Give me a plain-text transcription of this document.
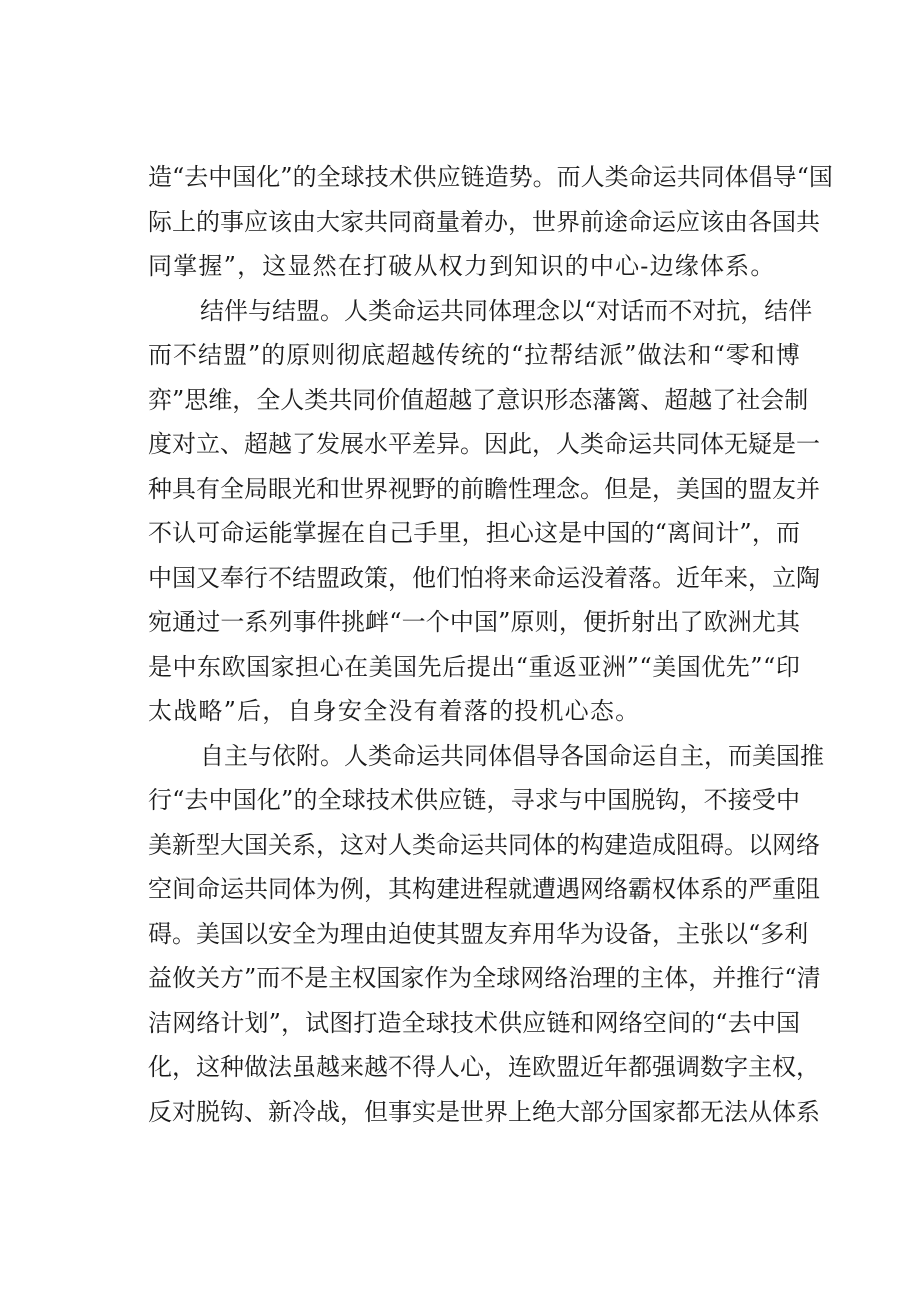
造 “ 去 中 国 化 ” 的 全 球 技 术 供 应 链 造 势 。 而 人 类 命 运 共 同 体 倡 导 “ 国
际 上 的 事 应 该 由 大 家 共 同 商 量 着 办 ， 世 界 前 途 命 运 应 该 由 各 国 共
同掌握”，这显然在打破从权力到知识的中心-边缘体系。
结 伴 与 结 盟 。 人 类 命 运 共 同 体 理 念 以 “ 对 话 而 不 对 抗 ， 结 伴
而 不 结 盟 ” 的 原 则 彻 底 超 越 传 统 的 “ 拉 帮 结 派 ” 做 法 和 “ 零 和 博
弈 ” 思 维 ， 全 人 类 共 同 价 值 超 越 了 意 识 形 态 藩 篱 、 超 越 了 社 会 制
度 对 立 、 超 越 了 发 展 水 平 差 异 。 因 此 ， 人 类 命 运 共 同 体 无 疑 是 一
种 具 有 全 局 眼 光 和 世 界 视 野 的 前 瞻 性 理 念 。 但 是 ， 美 国 的 盟 友 并
不 认 可 命 运 能 掌 握 在 自 己 手 里 ， 担 心 这 是 中 国 的 “ 离 间 计 ” ， 而
中 国 又 奉 行 不 结 盟 政 策 ， 他 们 怕 将 来 命 运 没 着 落 。 近 年 来 ， 立 陶
宛 通 过 一 系 列 事 件 挑 衅 “ 一 个 中 国 ” 原 则 ， 便 折 射 出 了 欧 洲 尤 其
是 中 东 欧 国 家 担 心 在 美 国 先 后 提 出 “ 重 返 亚 洲 ” “ 美 国 优 先 ” “ 印
太战略”后，自身安全没有着落的投机心态。
自 主 与 依 附 。 人 类 命 运 共 同 体 倡 导 各 国 命 运 自 主 ， 而 美 国 推
行 “ 去 中 国 化 ” 的 全 球 技 术 供 应 链 ， 寻 求 与 中 国 脱 钩 ， 不 接 受 中
美 新 型 大 国 关 系 ， 这 对 人 类 命 运 共 同 体 的 构 建 造 成 阻 碍 。 以 网 络
空 间 命 运 共 同 体 为 例 ， 其 构 建 进 程 就 遭 遇 网 络 霸 权 体 系 的 严 重 阻
碍 。 美 国 以 安 全 为 理 由 迫 使 其 盟 友 弃 用 华 为 设 备 ， 主 张 以 “ 多 利
益 攸 关 方 ” 而 不 是 主 权 国 家 作 为 全 球 网 络 治 理 的 主 体 ， 并 推 行 “ 清
洁 网 络 计 划 ” ， 试 图 打 造 全 球 技 术 供 应 链 和 网 络 空 间 的 “ 去 中 国
化 ， 这 种 做 法 虽 越 来 越 不 得 人 心 ， 连 欧 盟 近 年 都 强 调 数 字 主 权 ，
反 对 脱 钩 、 新 冷 战 ， 但 事 实 是 世 界 上 绝 大 部 分 国 家 都 无 法 从 体 系
